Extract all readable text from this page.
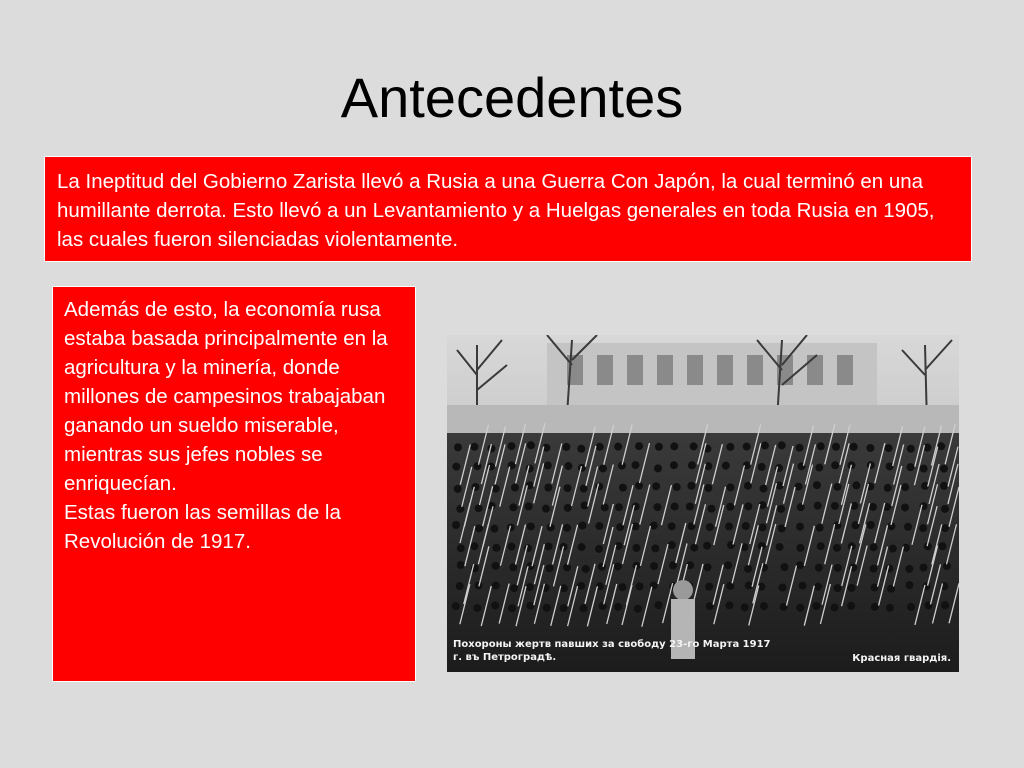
Antecedentes
La Ineptitud del Gobierno Zarista llevó a Rusia a una Guerra Con Japón, la cual terminó en una humillante derrota. Esto llevó a un Levantamiento y a Huelgas generales en toda Rusia en 1905, las cuales fueron silenciadas violentamente.
Además de esto, la economía rusa estaba basada principalmente en la agricultura y la minería, donde millones de campesinos trabajaban ganando un sueldo miserable, mientras sus jefes nobles se enriquecían.
Estas fueron las semillas de la Revolución de 1917.
Похороны жертв павших за свободу 23-го Марта 1917 г. въ Петроградѣ.	Красная гвардія.
